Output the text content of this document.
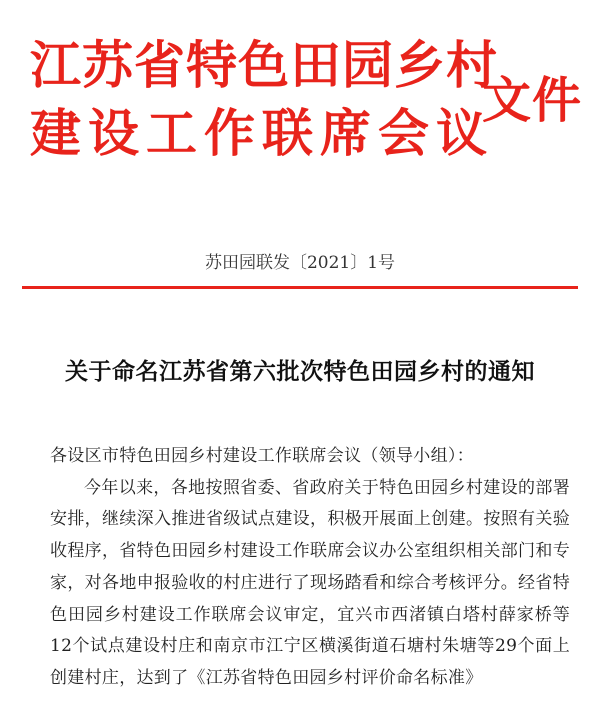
江苏省特色田园乡村
建设工作联席会议
文件
苏田园联发〔2021〕1号
关于命名江苏省第六批次特色田园乡村的通知

各设区市特色田园乡村建设工作联席会议（领导小组）：

今年以来，各地按照省委、省政府关于特色田园乡村建设的部署安排，继续深入推进省级试点建设，积极开展面上创建。按照有关验收程序，省特色田园乡村建设工作联席会议办公室组织相关部门和专家，对各地申报验收的村庄进行了现场踏看和综合考核评分。经省特色田园乡村建设工作联席会议审定，宜兴市西渚镇白塔村薛家桥等12个试点建设村庄和南京市江宁区横溪街道石塘村朱塘等29个面上创建村庄，达到了《江苏省特色田园乡村评价命名标准》
